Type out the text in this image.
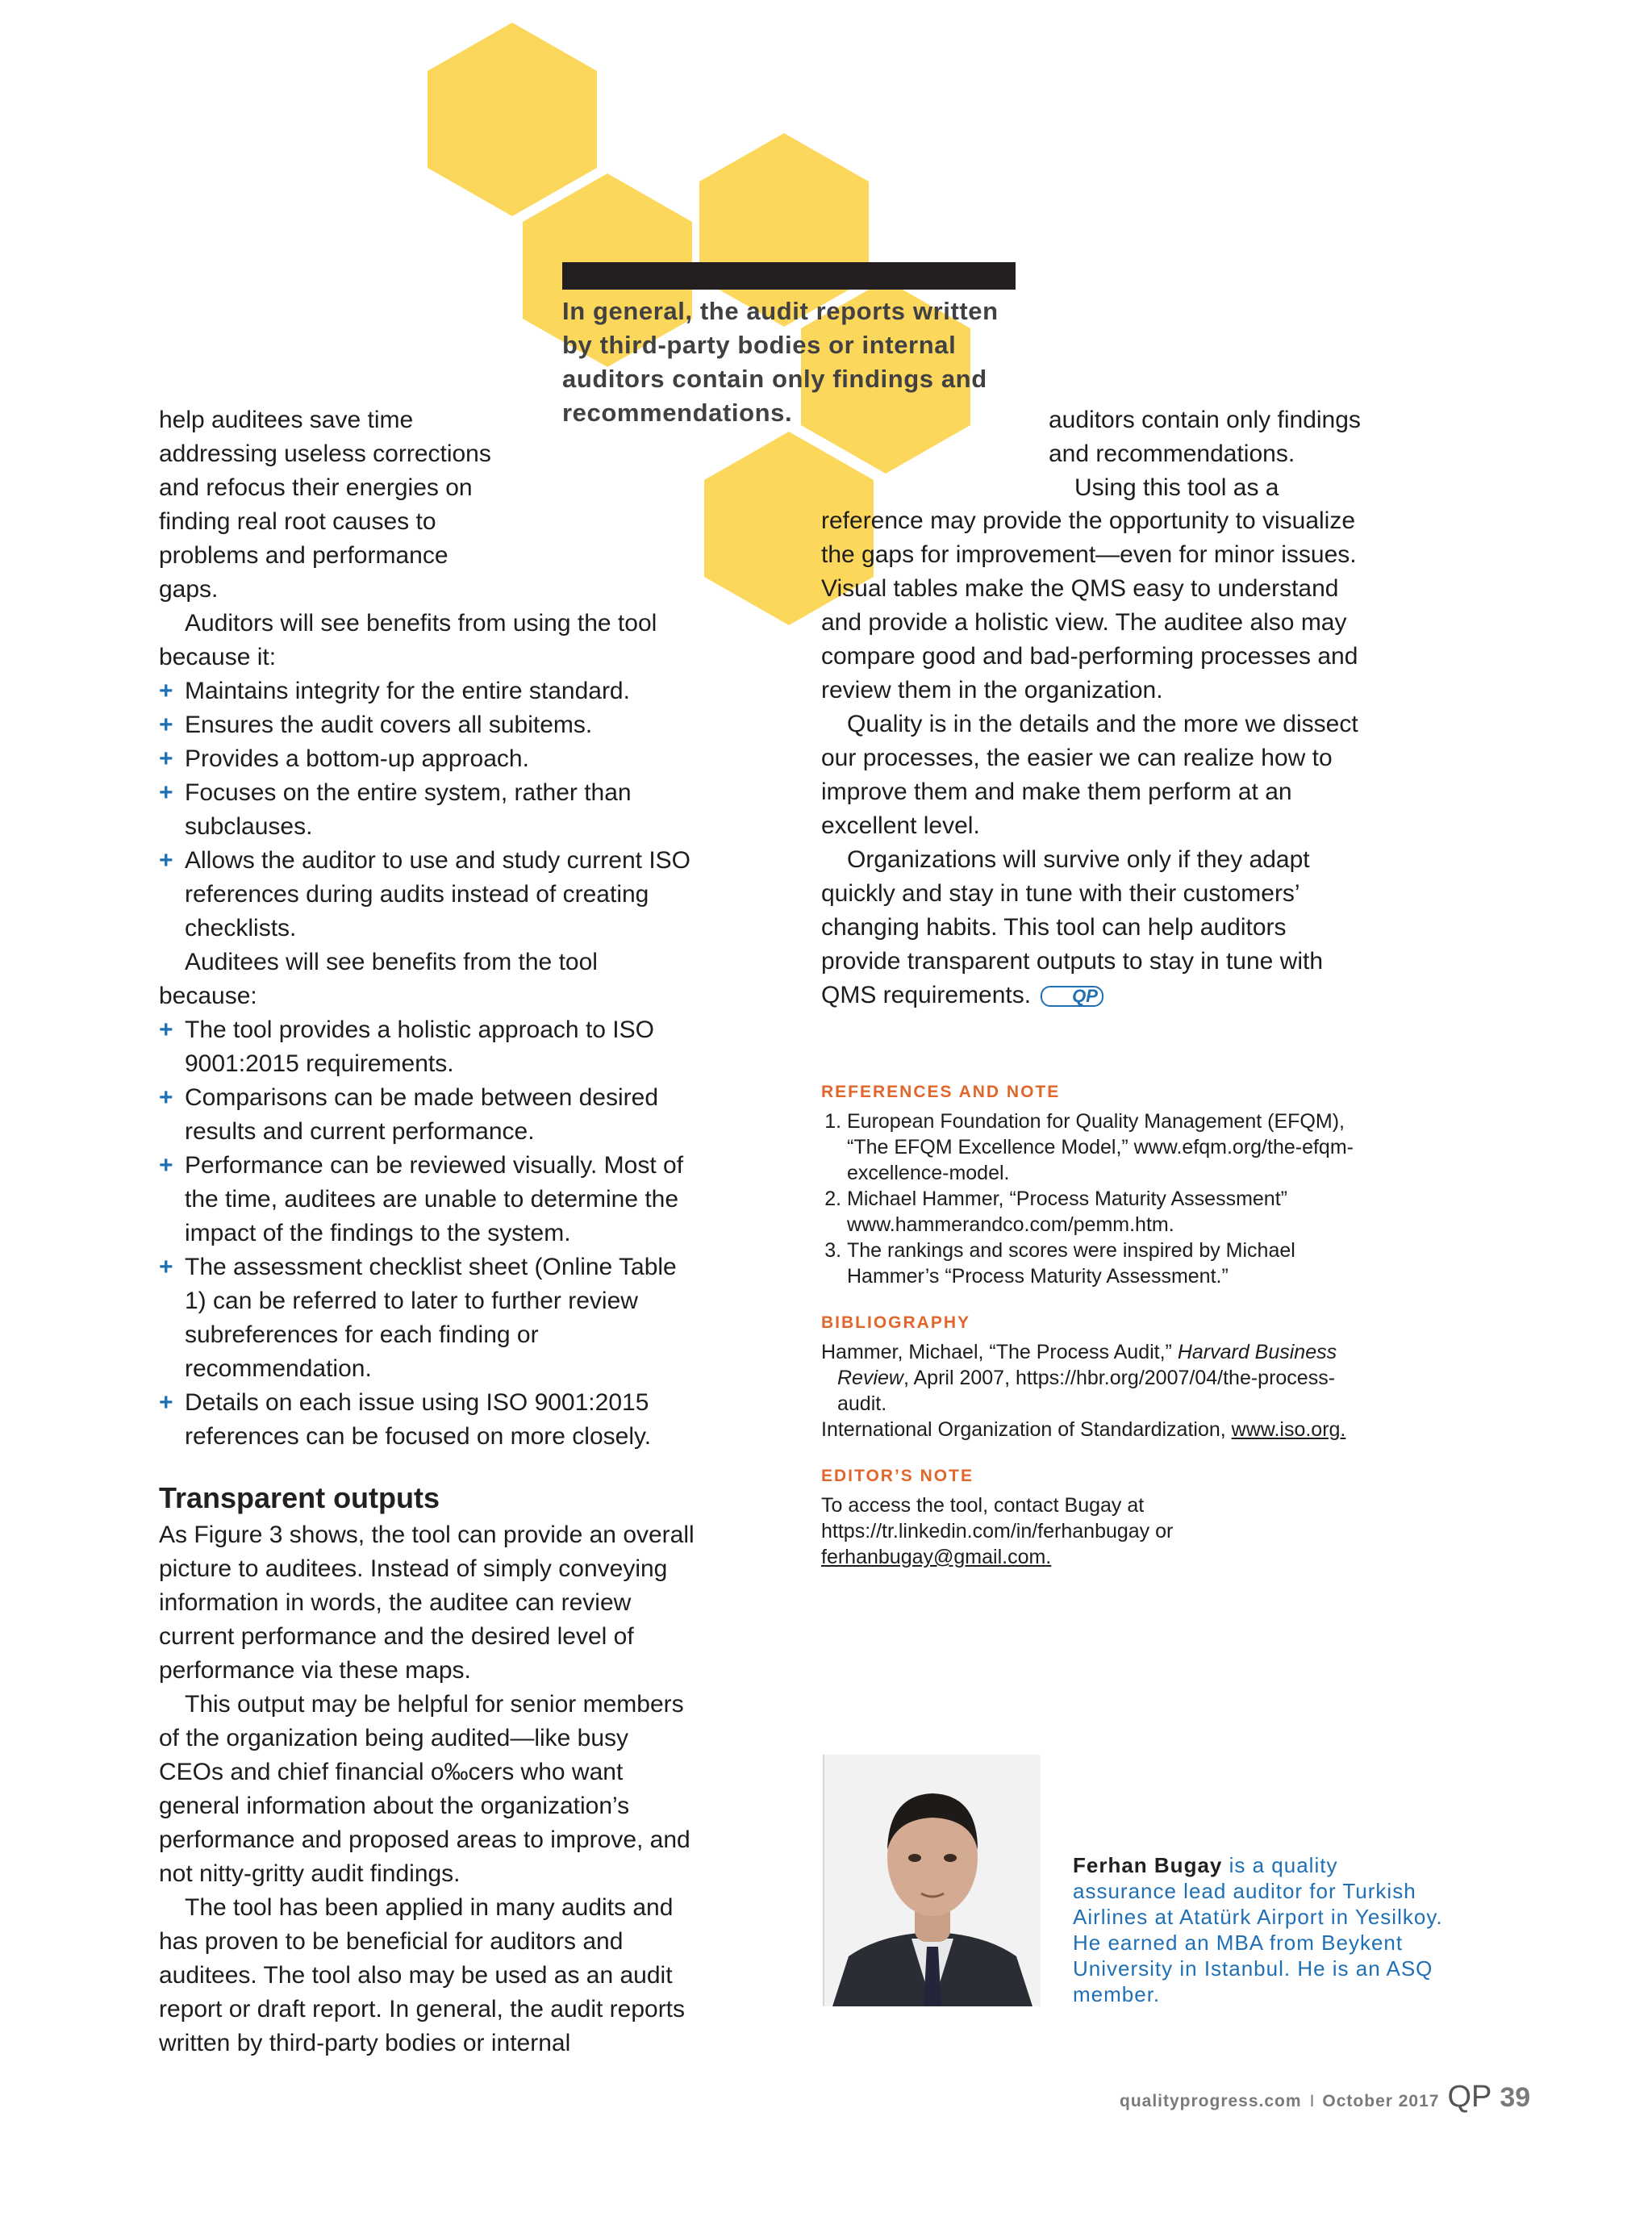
In general, the audit reports written by third-party bodies or internal auditors contain only findings and recommendations.

help auditees save time addressing useless corrections and refocus their energies on finding real root causes to problems and performance gaps.

Auditors will see benefits from using the tool because it:

+ Maintains integrity for the entire standard.
+ Ensures the audit covers all subitems.
+ Provides a bottom-up approach.
+ Focuses on the entire system, rather than subclauses.
+ Allows the auditor to use and study current ISO references during audits instead of creating checklists.

Auditees will see benefits from the tool because:

+ The tool provides a holistic approach to ISO 9001:2015 requirements.
+ Comparisons can be made between desired results and current performance.
+ Performance can be reviewed visually. Most of the time, auditees are unable to determine the impact of the findings to the system.
+ The assessment checklist sheet (Online Table 1) can be referred to later to further review subreferences for each finding or recommendation.
+ Details on each issue using ISO 9001:2015 references can be focused on more closely.
Transparent outputs

As Figure 3 shows, the tool can provide an overall picture to auditees. Instead of simply conveying information in words, the auditee can review current performance and the desired level of performance via these maps.

This output may be helpful for senior members of the organization being audited—like busy CEOs and chief financial o‰cers who want general information about the organization’s performance and proposed areas to improve, and not nitty-gritty audit findings.

The tool has been applied in many audits and has proven to be beneficial for auditors and auditees. The tool also may be used as an audit report or draft report. In general, the audit reports written by third-party bodies or internal

auditors contain only findings and recommendations.

Using this tool as a

reference may provide the opportunity to visualize the gaps for improvement—even for minor issues. Visual tables make the QMS easy to understand and provide a holistic view. The auditee also may compare good and bad-performing processes and review them in the organization.

Quality is in the details and the more we dissect our processes, the easier we can realize how to improve them and make them perform at an excellent level.

Organizations will survive only if they adapt quickly and stay in tune with their customers’ changing habits. This tool can help auditors provide transparent outputs to stay in tune with QMS requirements. QP

REFERENCES AND NOTE
1. European Foundation for Quality Management (EFQM), “The EFQM Excellence Model,” www.efqm.org/the-efqm-excellence-model.
2. Michael Hammer, “Process Maturity Assessment” www.hammerandco.com/pemm.htm.
3. The rankings and scores were inspired by Michael Hammer’s “Process Maturity Assessment.”
BIBLIOGRAPHY

Hammer, Michael, “The Process Audit,” Harvard Business Review, April 2007, https://hbr.org/2007/04/the-process-audit.

International Organization of Standardization, www.iso.org.

EDITOR’S NOTE

To access the tool, contact Bugay at https://tr.linkedin.com/in/ferhanbugay or ferhanbugay@gmail.com.

Ferhan Bugay is a quality assurance lead auditor for Turkish Airlines at Atatürk Airport in Yesilkoy. He earned an MBA from Beykent University in Istanbul. He is an ASQ member.
qualityprogress.com I October 2017 QP 39
